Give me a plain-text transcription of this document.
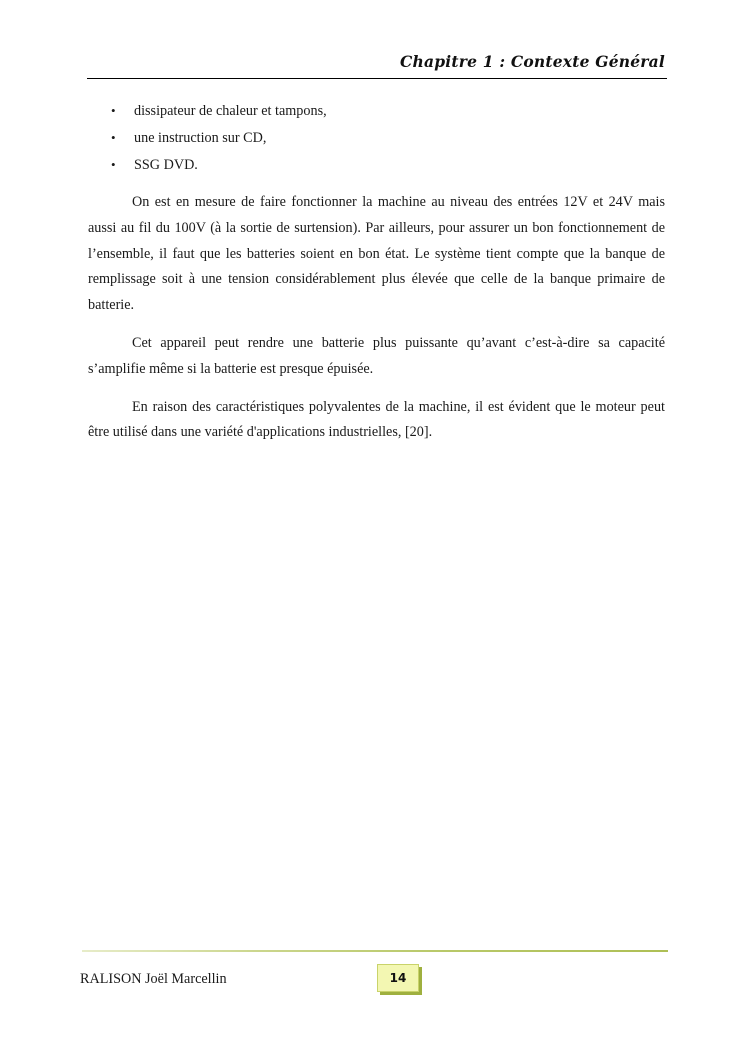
Chapitre 1 : Contexte Général
• dissipateur de chaleur et tampons,
• une instruction sur CD,
• SSG DVD.

On est en mesure de faire fonctionner la machine au niveau des entrées 12V et 24V mais aussi au fil du 100V (à la sortie de surtension). Par ailleurs, pour assurer un bon fonctionnement de l’ensemble, il faut que les batteries soient en bon état. Le système tient compte que la banque de remplissage soit à une tension considérablement plus élevée que celle de la banque primaire de batterie.

Cet appareil peut rendre une batterie plus puissante qu’avant c’est-à-dire sa capacité s’amplifie même si la batterie est presque épuisée.

En raison des caractéristiques polyvalentes de la machine, il est évident que le moteur peut être utilisé dans une variété d'applications industrielles, [20].

RALISON Joël Marcellin	14
